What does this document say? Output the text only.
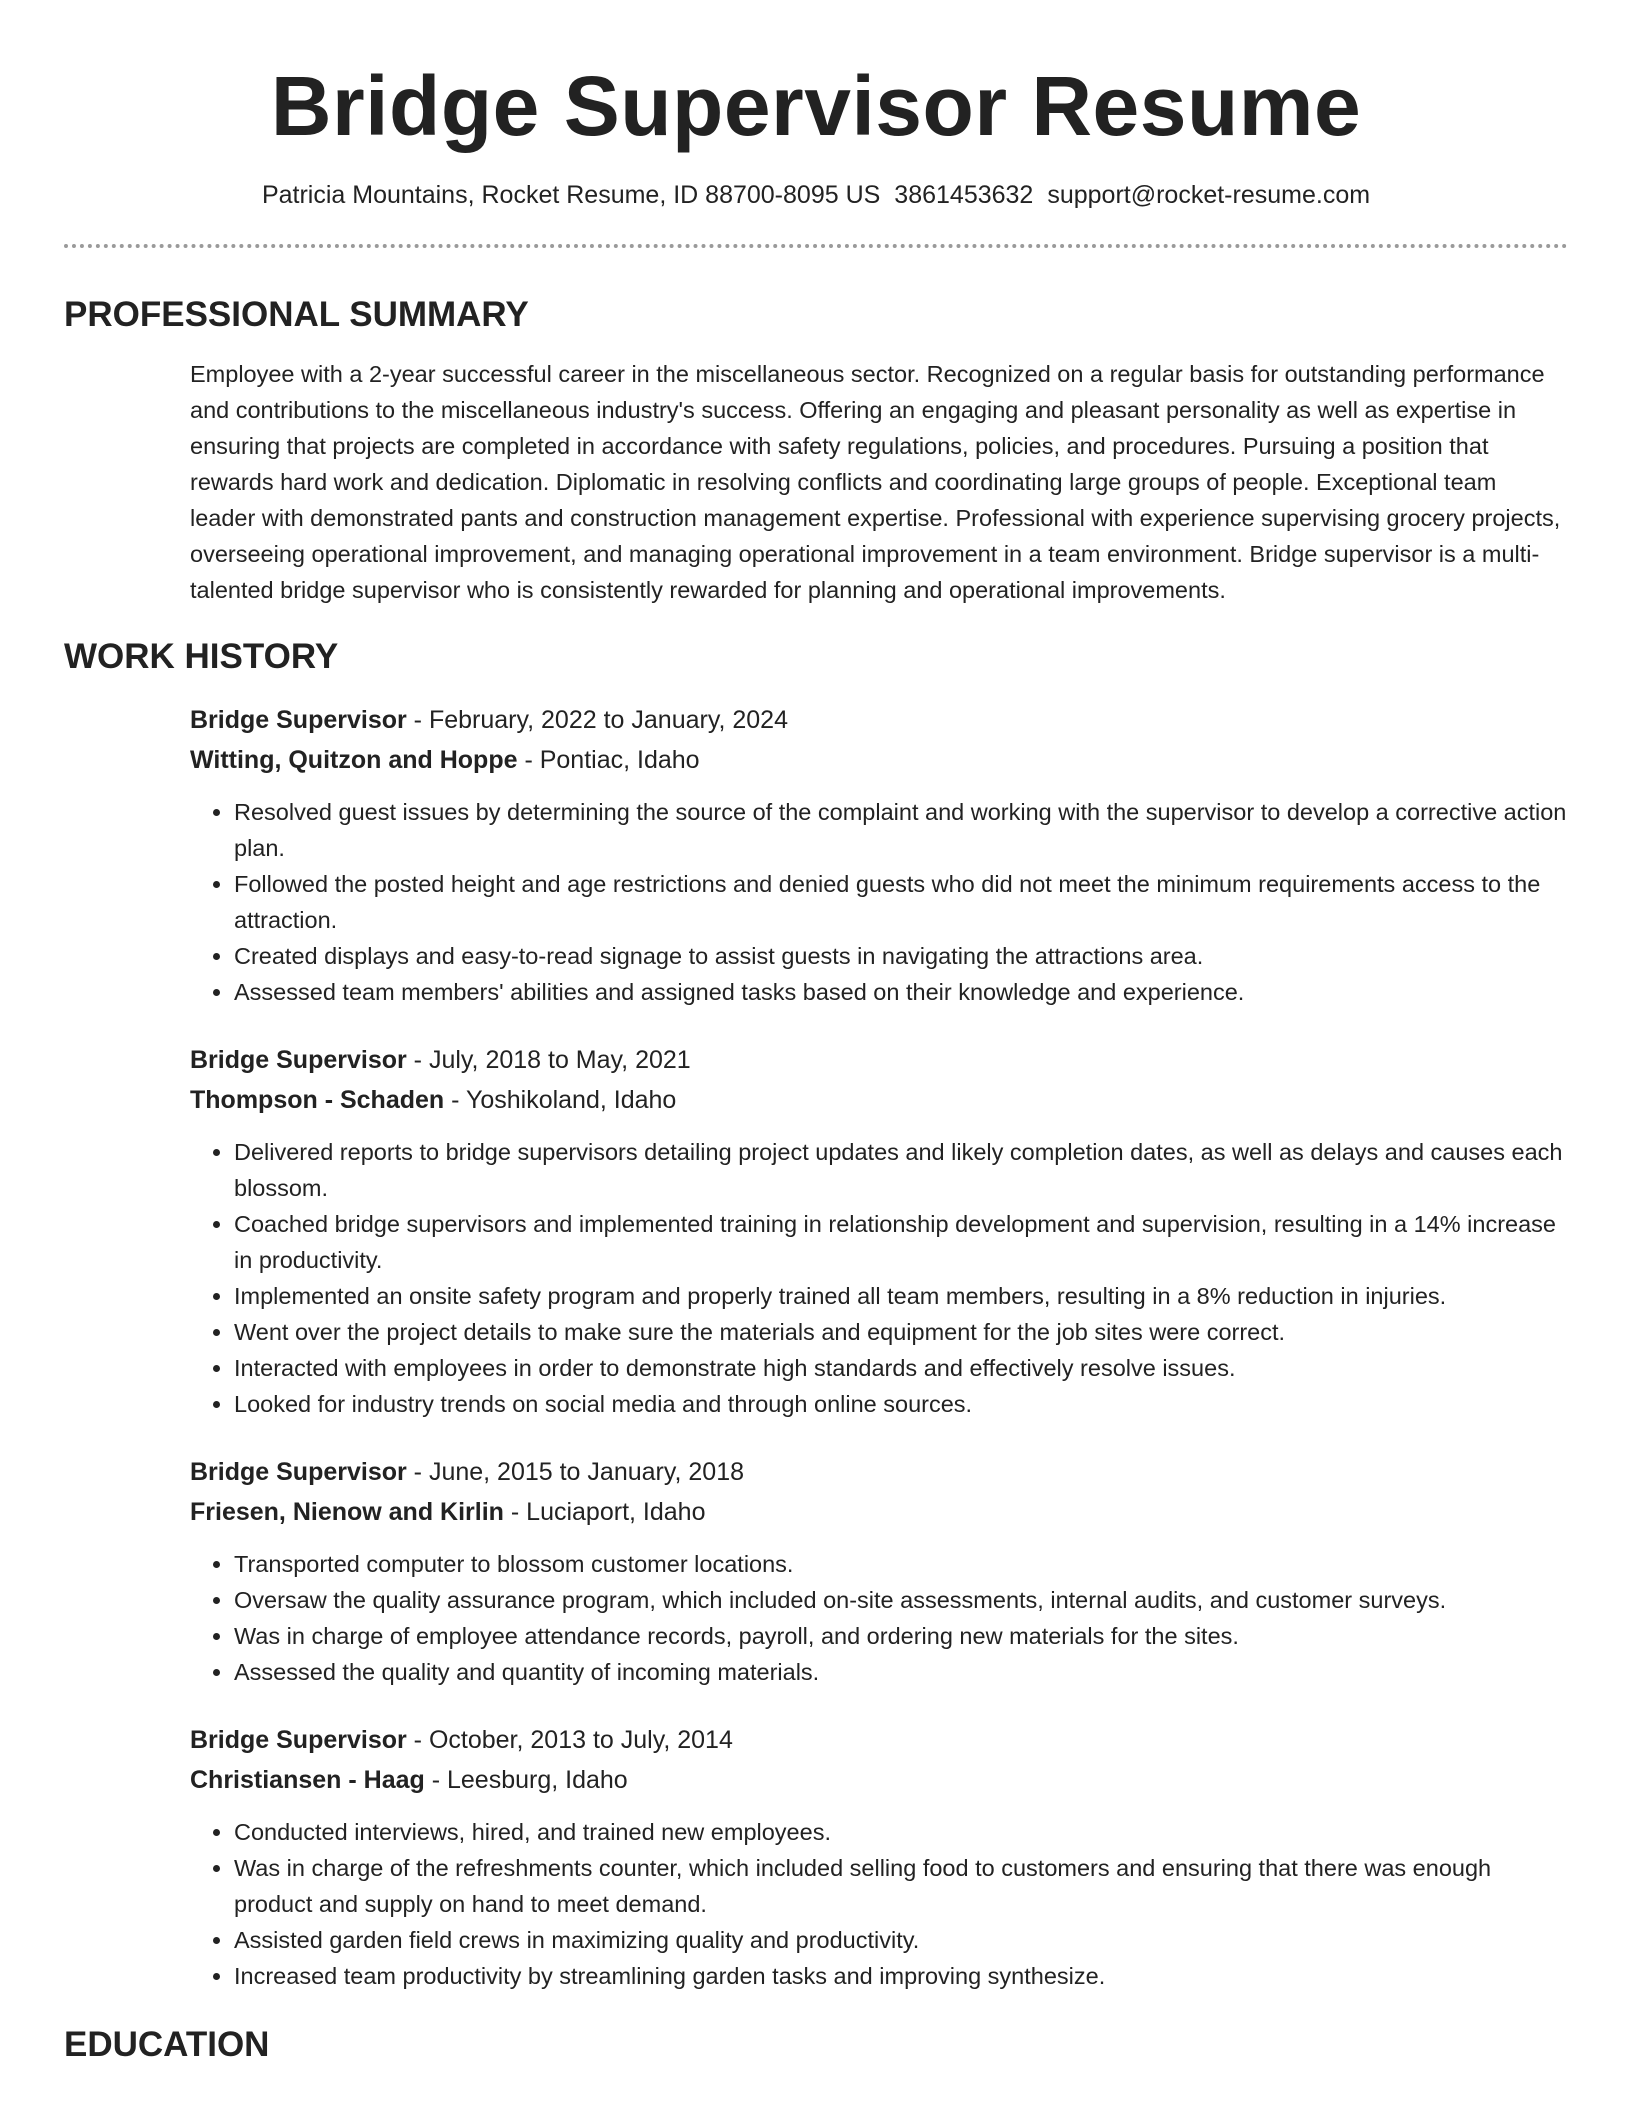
Bridge Supervisor Resume
Patricia Mountains, Rocket Resume, ID 88700-8095 US 3861453632 support@rocket-resume.com
PROFESSIONAL SUMMARY
Employee with a 2-year successful career in the miscellaneous sector. Recognized on a regular basis for outstanding performance and contributions to the miscellaneous industry's success. Offering an engaging and pleasant personality as well as expertise in ensuring that projects are completed in accordance with safety regulations, policies, and procedures. Pursuing a position that rewards hard work and dedication. Diplomatic in resolving conflicts and coordinating large groups of people. Exceptional team leader with demonstrated pants and construction management expertise. Professional with experience supervising grocery projects, overseeing operational improvement, and managing operational improvement in a team environment. Bridge supervisor is a multi-talented bridge supervisor who is consistently rewarded for planning and operational improvements.
WORK HISTORY
Bridge Supervisor - February, 2022 to January, 2024
Witting, Quitzon and Hoppe - Pontiac, Idaho
• Resolved guest issues by determining the source of the complaint and working with the supervisor to develop a corrective action plan.
• Followed the posted height and age restrictions and denied guests who did not meet the minimum requirements access to the attraction.
• Created displays and easy-to-read signage to assist guests in navigating the attractions area.
• Assessed team members' abilities and assigned tasks based on their knowledge and experience.
Bridge Supervisor - July, 2018 to May, 2021
Thompson - Schaden - Yoshikoland, Idaho
• Delivered reports to bridge supervisors detailing project updates and likely completion dates, as well as delays and causes each blossom.
• Coached bridge supervisors and implemented training in relationship development and supervision, resulting in a 14% increase in productivity.
• Implemented an onsite safety program and properly trained all team members, resulting in a 8% reduction in injuries.
• Went over the project details to make sure the materials and equipment for the job sites were correct.
• Interacted with employees in order to demonstrate high standards and effectively resolve issues.
• Looked for industry trends on social media and through online sources.
Bridge Supervisor - June, 2015 to January, 2018
Friesen, Nienow and Kirlin - Luciaport, Idaho
• Transported computer to blossom customer locations.
• Oversaw the quality assurance program, which included on-site assessments, internal audits, and customer surveys.
• Was in charge of employee attendance records, payroll, and ordering new materials for the sites.
• Assessed the quality and quantity of incoming materials.
Bridge Supervisor - October, 2013 to July, 2014
Christiansen - Haag - Leesburg, Idaho
• Conducted interviews, hired, and trained new employees.
• Was in charge of the refreshments counter, which included selling food to customers and ensuring that there was enough product and supply on hand to meet demand.
• Assisted garden field crews in maximizing quality and productivity.
• Increased team productivity by streamlining garden tasks and improving synthesize.
EDUCATION
